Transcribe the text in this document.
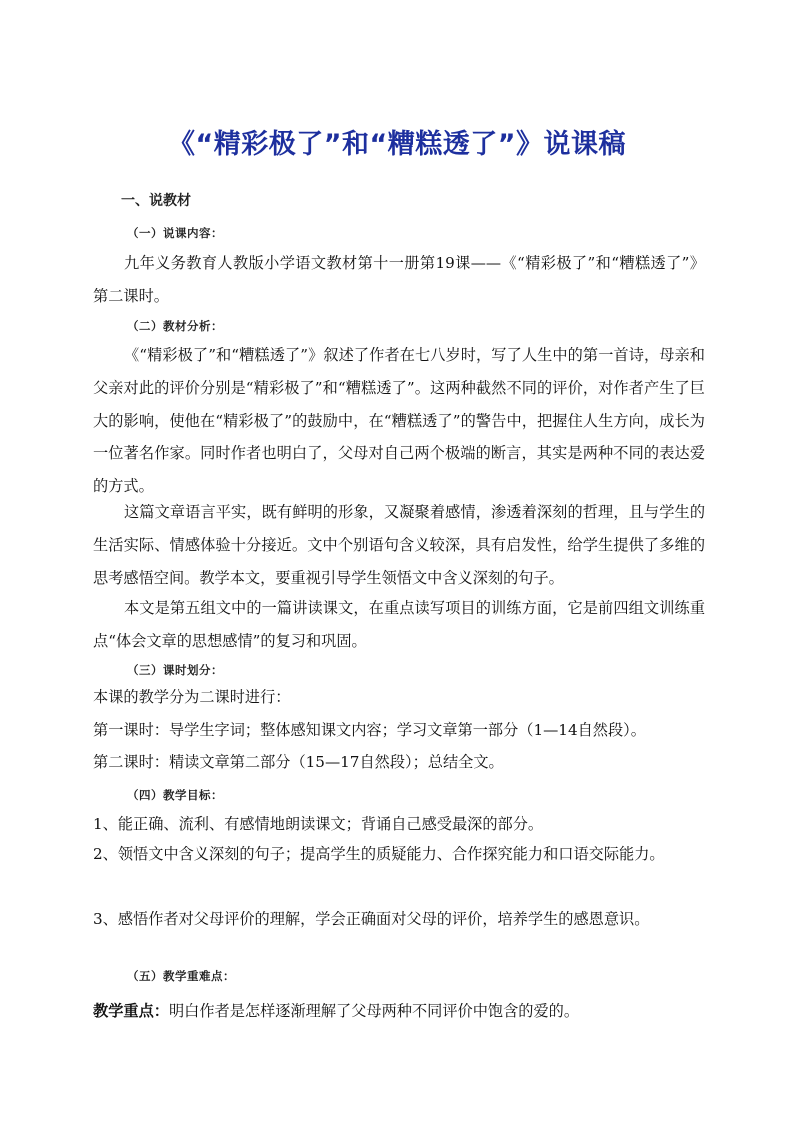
《“精彩极了”和“糟糕透了”》说课稿
一、说教材
（一）说课内容：

九年义务教育人教版小学语文教材第十一册第19课——《“精彩极了”和“糟糕透了”》第二课时。

（二）教材分析：

《“精彩极了”和“糟糕透了”》叙述了作者在七八岁时，写了人生中的第一首诗，母亲和父亲对此的评价分别是“精彩极了”和“糟糕透了”。这两种截然不同的评价，对作者产生了巨大的影响，使他在“精彩极了”的鼓励中，在“糟糕透了”的警告中，把握住人生方向，成长为一位著名作家。同时作者也明白了，父母对自己两个极端的断言，其实是两种不同的表达爱的方式。

这篇文章语言平实，既有鲜明的形象，又凝聚着感情，渗透着深刻的哲理，且与学生的生活实际、情感体验十分接近。文中个别语句含义较深，具有启发性，给学生提供了多维的思考感悟空间。教学本文，要重视引导学生领悟文中含义深刻的句子。

本文是第五组文中的一篇讲读课文，在重点读写项目的训练方面，它是前四组文训练重点“体会文章的思想感情”的复习和巩固。

（三）课时划分：
本课的教学分为二课时进行：
第一课时：导学生字词；整体感知课文内容；学习文章第一部分（1—14自然段）。
第二课时：精读文章第二部分（15—17自然段）；总结全文。
（四）教学目标：
1、能正确、流利、有感情地朗读课文；背诵自己感受最深的部分。

2、领悟文中含义深刻的句子；提高学生的质疑能力、合作探究能力和口语交际能力。

3、感悟作者对父母评价的理解，学会正确面对父母的评价，培养学生的感恩意识。
（五）教学重难点：
教学重点：明白作者是怎样逐渐理解了父母两种不同评价中饱含的爱的。
